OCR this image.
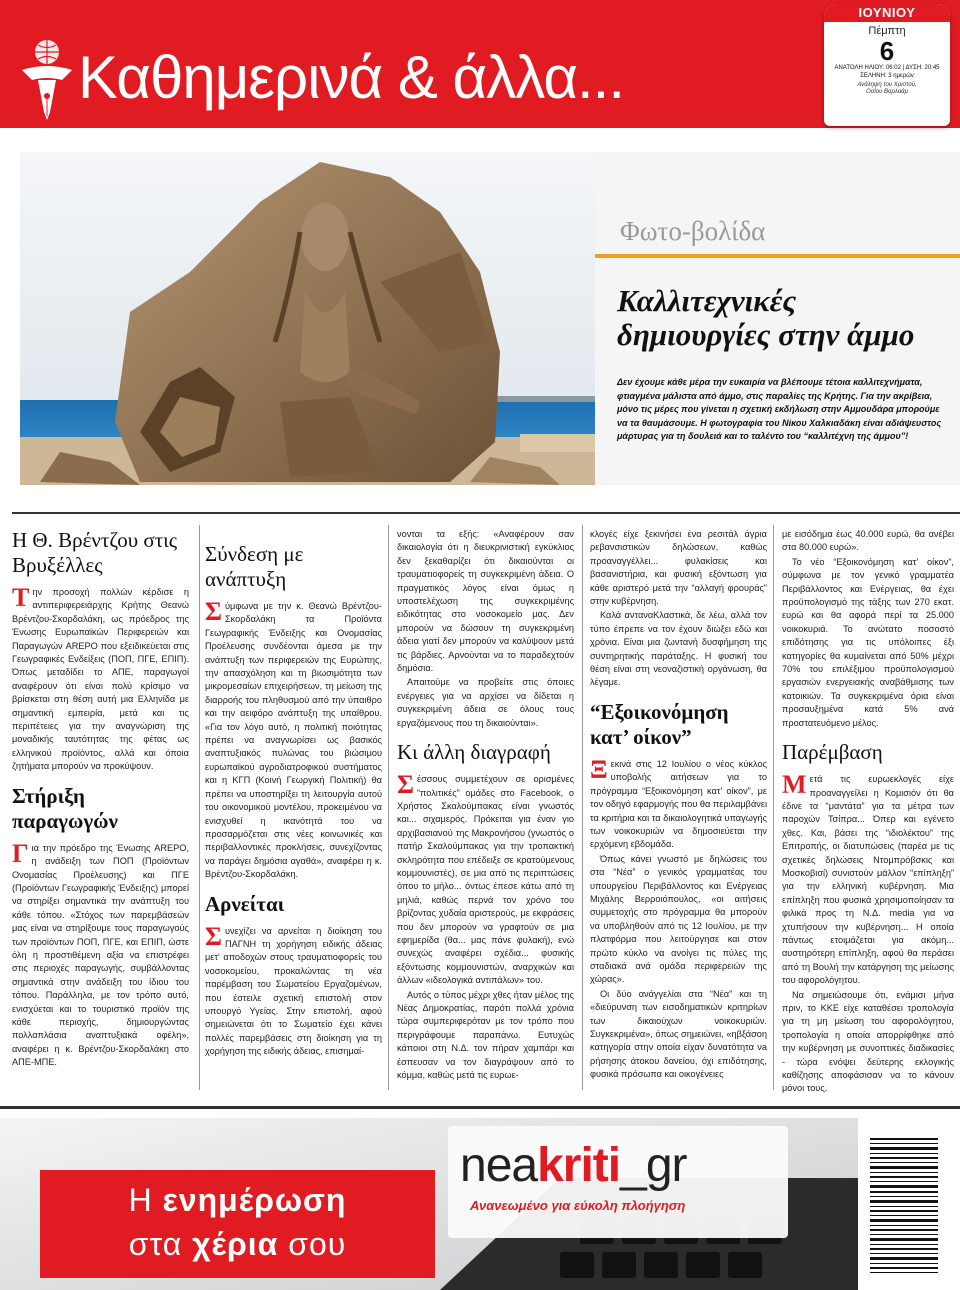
Καθημερινά & άλλα...
ΙΟΥΝΙΟΥ
Πέμπτη
6
ΑΝΑΤΟΛΗ ΗΛΙΟΥ: 06:02 | ΔΥΣΗ: 20:45
ΣΕΛΗΝΗ: 3 ημερών
Ανάληψη του Χριστού,
Οσίου Βαρλαάμ
Φωτο-βολίδα
Καλλιτεχνικές δημιουργίες στην άμμο
Δεν έχουμε κάθε μέρα την ευκαιρία να βλέπουμε τέτοια καλλιτεχνήματα, φτιαγμένα μάλιστα από άμμο, στις παραλίες της Κρήτης. Για την ακρίβεια, μόνο τις μέρες που γίνεται η σχετική εκδήλωση στην Αμμουδάρα μπορούμε να τα θαυμάσουμε. Η φωτογραφία του Νίκου Χαλκιαδάκη είναι αδιάψευστος μάρτυρας για τη δουλειά και το ταλέντο του “καλλιτέχνη της άμμου”!
Η Θ. Βρέντζου στις Βρυξέλλες

Την προσοχή πολλών κέρδισε η αντιπεριφερειάρχης Κρήτης Θεανώ Βρέντζου-Σκορδαλάκη, ως πρόεδρος της Ένωσης Ευρωπαϊκών Περιφερειών και Παραγωγών AREPO που εξειδικεύεται στις Γεωγραφικές Ενδείξεις (ΠΟΠ, ΠΓΕ, ΕΠΙΠ). Όπως μεταδίδει το ΑΠΕ, παραγωγοί αναφέρουν ότι είναι πολύ κρίσιμο να βρίσκεται στη θέση αυτή μια Ελληνίδα με σημαντική εμπειρία, μετά και τις περιπέτειες για την αναγνώριση της μοναδικής ταυτότητας της φέτας ως ελληνικού προϊόντος, αλλά και όποια ζητήματα μπορούν να προκύψουν.

Στήριξη παραγωγών

Για την πρόεδρο της Ένωσης AREPO, η ανάδειξη των ΠΟΠ (Προϊόντων Ονομασίας Προέλευσης) και ΠΓΕ (Προϊόντων Γεωγραφικής Ένδειξης) μπορεί να στηρίξει σημαντικά την ανάπτυξη του κάθε τόπου. «Στόχος των παρεμβάσεών μας είναι να στηρίξουμε τους παραγωγούς των προϊόντων ΠΟΠ, ΠΓΕ, και ΕΠΙΠ, ώστε όλη η προστιθέμενη αξία να επιστρέφει στις περιοχές παραγωγής, συμβάλλοντας σημαντικά στην ανάδειξη του ίδιου του τόπου. Παράλληλα, με τον τρόπο αυτό, ενισχύεται και το τουριστικό προϊόν της κάθε περιοχής, δημιουργώντας πολλαπλάσια αναπτυξιακά οφέλη», αναφέρει η κ. Βρέντζου-Σκορδαλάκη στο ΑΠΕ-ΜΠΕ.

Σύνδεση με ανάπτυξη

Σύμφωνα με την κ. Θεανώ Βρέντζου-Σκορδαλάκη τα Προϊόντα Γεωγραφικής Ένδειξης και Ονομασίας Προέλευσης συνδέονται άμεσα με την ανάπτυξη των περιφερειών της Ευρώπης, την απασχόληση και τη βιωσιμότητα των μικρομεσαίων επιχειρήσεων, τη μείωση της διαρροής του πληθυσμού από την ύπαιθρο και την αειφόρο ανάπτυξη της υπαίθρου. «Για τον λόγο αυτό, η πολιτική ποιότητας πρέπει να αναγνωρίσει ως βασικός αναπτυξιακός πυλώνας του βιώσιμου ευρωπαϊκού αγροδιατροφικού συστήματος και η ΚΓΠ (Κοινή Γεωργική Πολιτική) θα πρέπει να υποστηρίξει τη λειτουργία αυτού του οικονομικού μοντέλου, προκειμένου να ενισχυθεί η ικανότητά του να προσαρμόζεται στις νέες κοινωνικές και περιβαλλοντικές προκλήσεις, συνεχίζοντας να παράγει δημόσια αγαθά», αναφέρει η κ. Βρέντζου-Σκορδαλάκη.

Αρνείται

Συνεχίζει να αρνείται η διοίκηση του ΠΑΓΝΗ τη χορήγηση ειδικής άδειας μετ' αποδοχών στους τραυματιοφορείς του νοσοκομείου, προκαλώντας τη νέα παρέμβαση του Σωματείου Εργαζομένων, που έστειλε σχετική επιστολή στον υπουργό Υγείας. Στην επιστολή, αφού σημειώνεται ότι το Σωματείο έχει κάνει πολλές παρεμβάσεις στη διοίκηση για τη χορήγηση της ειδικής άδειας, επισημαί-

νονται τα εξής: «Αναφέρουν σαν δικαιολογία ότι η διευκρινιστική εγκύκλιος δεν ξεκαθαρίζει ότι δικαιούνται οι τραυματιοφορείς τη συγκεκριμένη άδεια. Ο πραγματικός λόγος είναι όμως η υποστελέχωση της συγκεκριμένης ειδικότητας στο νοσοκομείο μας. Δεν μπορούν να δώσουν τη συγκεκριμένη άδεια γιατί δεν μπορούν να καλύψουν μετά τις βάρδιες. Αρνούνται να το παραδεχτούν δημόσια.

Απαιτούμε να προβείτε στις όποιες ενέργειες για να αρχίσει να δίδεται η συγκεκριμένη άδεια σε όλους τους εργαζόμενους που τη δικαιούνται».

Κι άλλη διαγραφή

Σέσσους συμμετέχουν σε ορισμένες “πολιτικές” ομάδες στο Facebook, ο Χρήστος Σκαλούμπακας είναι γνωστός και... σιχαμερός. Πρόκειται για έναν γιο αρχιβασιανού της Μακρονήσου (γνωστός ο πατήρ Σκαλούμπακας για την τροπακτική σκληρότητα που επέδειξε σε κρατούμενους κομμουνιστές), σε μια από τις περιπτώσεις όπου το μήλο... όντως έπεσε κάτω από τη μηλιά, καθώς περνά τον χρόνο του βρίζοντας χυδαία αριστερούς, με εκφράσεις που δεν μπορούν να γραφτούν σε μια εφημερίδα (θα... μας πάνε φυλακή), ενώ συνεχώς αναφέρει σχέδια... φυσικής εξόντωσης κομμουνιστών, αναρχικών και άλλων «ιδεολογικά αντιπάλων» του.

Αυτός ο τύπος μέχρι χθες ήταν μέλος της Νέας Δημοκρατίας, παρότι πολλά χρόνια τώρα συμπεριφερόταν με τον τρόπο που περιγράφουμε παραπάνω. Ευτυχώς κάποιοι στη Ν.Δ. τον πήραν χαμπάρι και έσπευσαν να τον διαγράψουν από το κόμμα, καθώς μετά τις ευρωε-

κλογές είχε ξεκινήσει ένα ρεσιτάλ άγρια ρεβανσιστικών δηλώσεων, καθώς προαναγγέλλει... φυλακίσεις και βασανιστήρια, και φυσική εξόντωση για κάθε αριστερό μετά την “αλλαγή φρουράς” στην κυβέρνηση.

Καλά ανταναKλαστικά, δε λέω, αλλά τον τύπο έπρεπε να τον έχουν διώξει εδώ και χρόνια. Είναι μια ζωντανή δυσφήμηση της συντηρητικής παράταξης. Η φυσική του θέση είναι στη νεοναζιστική οργάνωση, θα λέγαμε.

“Εξοικονόμηση κατ’ οίκον”

Ξεκινά στις 12 Ιουλίου ο νέος κύκλος υποβολής αιτήσεων για το πρόγραμμα “Εξοικονόμηση κατ’ οίκον”, με τον οδηγό εφαρμογής που θα περιλαμβάνει τα κριτήρια και τα δικαιολογητικά υπαγωγής των νοικοκυριών να δημοσιεύεται την ερχόμενη εβδομάδα.

Όπως κάνει γνωστό με δηλώσεις του στα “Νέα” ο γενικός γραμματέας του υπουργείου Περιβάλλοντος και Ενέργειας Μιχάλης Βερροιόπουλος, «οι αιτήσεις συμμετοχής στο πρόγραμμα θα μπορούν να υποβληθούν από τις 12 Ιουλίου, με την πλατφόρμα που λειτούργησε και στον πρώτο κύκλο να ανοίγει τις πύλες της σταδιακά ανά ομάδα περιφερειών της χώρας».

Οι δύο ανάγγελίαι στα “Νέα” και τη «διεύρυνση των εισοδηματικών κριτηρίων των δικαιούχων νοικοκυριών. Συγκεκριμένα», όπως σημειώνει, «ηβξάσοη κατηγορία στην οποία είχαν δυνατότητα νa ρήσησης άτοκου δανείου, όχι επιδότησης, φυσικά πρόσωπα και οικογένειες

με εισόδημα έως 40.000 ευρώ, θα ανέβει στα 80.000 ευρώ».

Το νέο “Εξοικονόμηση κατ’ οίκον”, σύμφωνα με τον γενικό γραμματέα Περιβάλλοντος και Ενέργειας, θα έχει προϋπολογισμό της τάξης των 270 εκατ. ευρώ και θα αφορά περί τα 25.000 νοικοκυριά. Το ανώτατο ποσοστό επιδότησης για τις υπόλοιπες έξι κατηγορίες θα κυμαίνεται από 50% μέχρι 70% του επιλέξιμου προϋπολογισμού εργασιών ενεργειακής αναβάθμισης των κατοικιών. Τα συγκεκριμένα όρια είναι προσαυξημένα κατά 5% ανά προστατευόμενο μέλος.

Παρέμβαση

Μετά τις ευρωεκλογές είχε προαναγγείλει η Κομισιόν ότι θα έδινε τα “μαντάτα” για τα μέτρα των παροχών Τσίπρα... Όπερ και εγένετο χθες. Και, βάσει της “ιδιολέκτου” της Επιτροπής, οι διατυπώσεις (παρέα με τις σχετικές δηλώσεις Ντομπρόβσκις και Μοσκοβισί) συνιστούν μάλλον “επίπληξη” για την ελληνική κυβέρνηση. Μια επίπληξη που φυσικά χρησιμοποίησαν τα φιλικά προς τη Ν.Δ. media για να χτυπήσουν την κυβέρνηση... Η οποία πάντως ετοιμάζεται για ακόμη... αυστηρότερη επίπληξη, αφού θα περάσει από τη Βουλή την κατάργηση της μείωσης του αφορολόγητου.

Να σημειώσουμε ότι, ενάμισι μήνα πριν, το ΚΚΕ είχε καταθέσει τροπολογία για τη μη μείωση του αφορολόγητου, τροπολογία η οποία απορρίφθηκε από την κυβέρνηση με συνοπτικές διαδικασίες - τώρα ενόψει δεύτερης εκλογικής καθίζησης αποφάσισαν να το κάνουν μόνοι τους.

Η ενημέρωση
στα χέρια σου
neakriti_gr
Ανανεωμένο για εύκολη πλοήγηση
